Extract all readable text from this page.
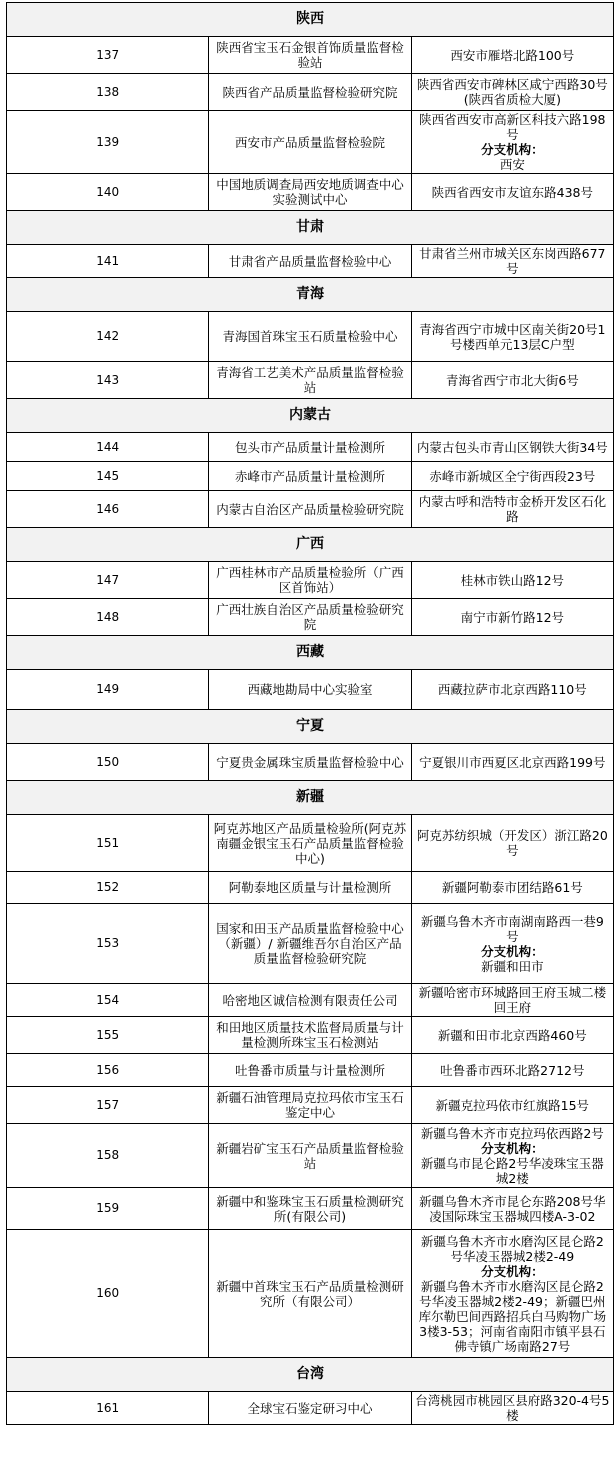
陕西		
137	陕西省宝玉石金银首饰质量监督检验站	西安市雁塔北路100号
138	陕西省产品质量监督检验研究院	陕西省西安市碑林区咸宁西路30号(陕西省质检大厦)
139	西安市产品质量监督检验院	陕西省西安市高新区科技六路198号
分支机构：
西安

140	中国地质调查局西安地质调查中心实验测试中心	陕西省西安市友谊东路438号
甘肃		
141	甘肃省产品质量监督检验中心	甘肃省兰州市城关区东岗西路677号
青海		
142	青海国首珠宝玉石质量检验中心	青海省西宁市城中区南关街20号1号楼西单元13层C户型
143	青海省工艺美术产品质量监督检验站	青海省西宁市北大街6号
内蒙古		
144	包头市产品质量计量检测所	内蒙古包头市青山区钢铁大街34号
145	赤峰市产品质量计量检测所	赤峰市新城区全宁街西段23号
146	内蒙古自治区产品质量检验研究院	内蒙古呼和浩特市金桥开发区石化路
广西		
147	广西桂林市产品质量检验所（广西区首饰站）	桂林市铁山路12号
148	广西壮族自治区产品质量检验研究院	南宁市新竹路12号
西藏		
149	西藏地勘局中心实验室	西藏拉萨市北京西路110号
宁夏		
150	宁夏贵金属珠宝质量监督检验中心	宁夏银川市西夏区北京西路199号
新疆		
151	阿克苏地区产品质量检验所(阿克苏南疆金银宝玉石产品质量监督检验中心)	阿克苏纺织城（开发区）浙江路20号
152	阿勒泰地区质量与计量检测所	新疆阿勒泰市团结路61号
153	国家和田玉产品质量监督检验中心（新疆）/ 新疆维吾尔自治区产品质量监督检验研究院	新疆乌鲁木齐市南湖南路西一巷9号
分支机构：
新疆和田市

154	哈密地区诚信检测有限责任公司	新疆哈密市环城路回王府玉城二楼回王府
155	和田地区质量技术监督局质量与计量检测所珠宝玉石检测站	新疆和田市北京西路460号
156	吐鲁番市质量与计量检测所	吐鲁番市西环北路2712号
157	新疆石油管理局克拉玛依市宝玉石鉴定中心	新疆克拉玛依市红旗路15号
158	新疆岩矿宝玉石产品质量监督检验站	新疆乌鲁木齐市克拉玛依西路2号
分支机构：
新疆乌市昆仑路2号华凌珠宝玉器城2楼

159	新疆中和鉴珠宝玉石质量检测研究所(有限公司)	新疆乌鲁木齐市昆仑东路208号华凌国际珠宝玉器城四楼A-3-02
160	新疆中首珠宝玉石产品质量检测研究所（有限公司）	新疆乌鲁木齐市水磨沟区昆仑路2号华凌玉器城2楼2-49
分支机构：
新疆乌鲁木齐市水磨沟区昆仑路2号华凌玉器城2楼2-49；新疆巴州库尔勒巴间西路招兵白马购物广场3楼3-53；河南省南阳市镇平县石佛寺镇广场南路27号

台湾		
161	全球宝石鉴定研习中心	台湾桃园市桃园区县府路320-4号5楼
